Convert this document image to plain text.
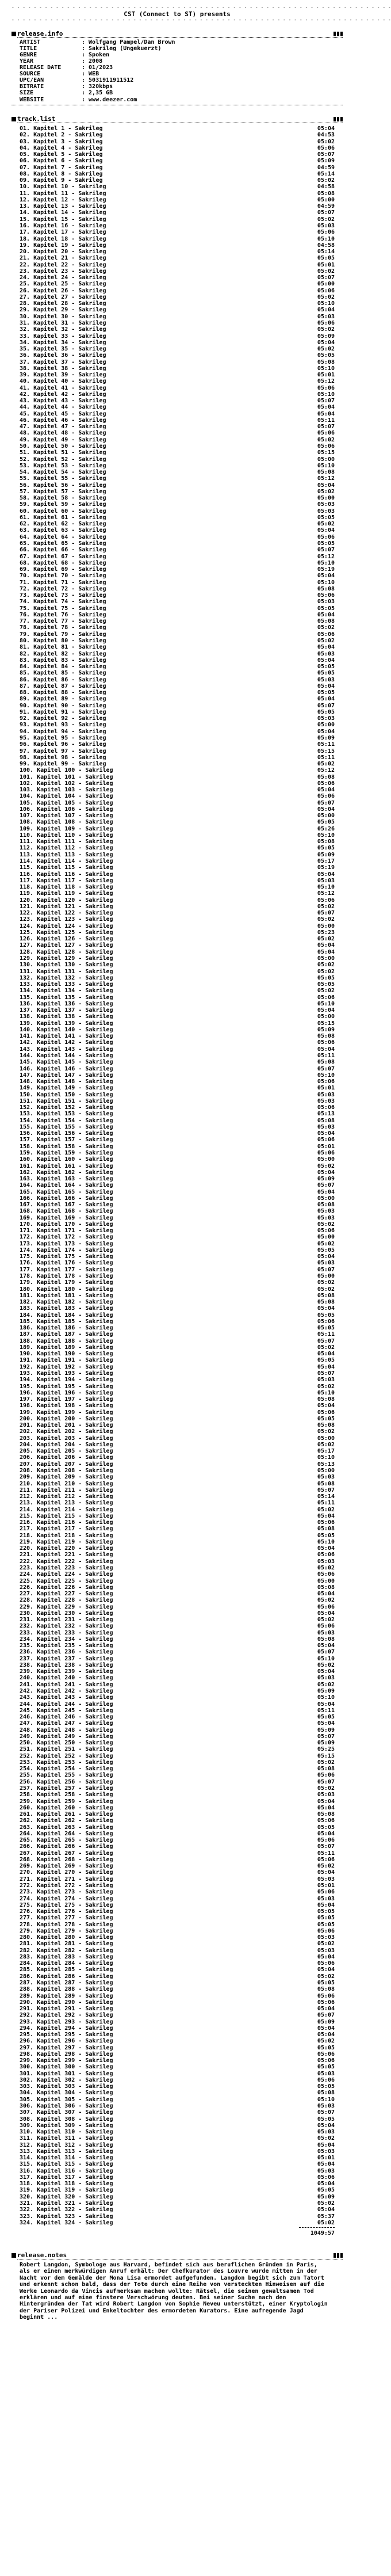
- - - - - - - - - - - - - - - - - - - - - - - - - - - - - - - - - - - - - - - - - - - - - - - - - - - - - - - - - - - - - - - - - - - - -
CST (Connect to ST) presents
- - - - - - - - - - - - - - - - - - - - - - - - - - - - - - - - - - - - - - - - - - - - - - - - - - - - - - - - - - - - - - - - - - - - -
release.info
ARTIST	: Wolfgang Pampel/Dan Brown
TITLE	: Sakrileg (Ungekuerzt)
GENRE	: Spoken
YEAR	: 2008
RELEASE DATE	: 01/2023
SOURCE	: WEB
UPC/EAN	: 5031911911512
BITRATE	: 320kbps
SIZE	: 2,35 GB
WEBSITE	: www.deezer.com
track.list
01. Kapitel 1 - Sakrileg	05:04
02. Kapitel 2 - Sakrileg	04:53
03. Kapitel 3 - Sakrileg	05:02
04. Kapitel 4 - Sakrileg	05:06
05. Kapitel 5 - Sakrileg	05:07
06. Kapitel 6 - Sakrileg	05:09
07. Kapitel 7 - Sakrileg	04:59
08. Kapitel 8 - Sakrileg	05:14
09. Kapitel 9 - Sakrileg	05:02
10. Kapitel 10 - Sakrileg	04:58
11. Kapitel 11 - Sakrileg	05:08
12. Kapitel 12 - Sakrileg	05:00
13. Kapitel 13 - Sakrileg	04:59
14. Kapitel 14 - Sakrileg	05:07
15. Kapitel 15 - Sakrileg	05:02
16. Kapitel 16 - Sakrileg	05:03
17. Kapitel 17 - Sakrileg	05:06
18. Kapitel 18 - Sakrileg	05:10
19. Kapitel 19 - Sakrileg	04:58
20. Kapitel 20 - Sakrileg	05:14
21. Kapitel 21 - Sakrileg	05:05
22. Kapitel 22 - Sakrileg	05:01
23. Kapitel 23 - Sakrileg	05:02
24. Kapitel 24 - Sakrileg	05:07
25. Kapitel 25 - Sakrileg	05:00
26. Kapitel 26 - Sakrileg	05:06
27. Kapitel 27 - Sakrileg	05:02
28. Kapitel 28 - Sakrileg	05:10
29. Kapitel 29 - Sakrileg	05:04
30. Kapitel 30 - Sakrileg	05:03
31. Kapitel 31 - Sakrileg	05:06
32. Kapitel 32 - Sakrileg	05:02
33. Kapitel 33 - Sakrileg	05:09
34. Kapitel 34 - Sakrileg	05:04
35. Kapitel 35 - Sakrileg	05:02
36. Kapitel 36 - Sakrileg	05:05
37. Kapitel 37 - Sakrileg	05:08
38. Kapitel 38 - Sakrileg	05:10
39. Kapitel 39 - Sakrileg	05:01
40. Kapitel 40 - Sakrileg	05:12
41. Kapitel 41 - Sakrileg	05:06
42. Kapitel 42 - Sakrileg	05:10
43. Kapitel 43 - Sakrileg	05:07
44. Kapitel 44 - Sakrileg	05:04
45. Kapitel 45 - Sakrileg	05:04
46. Kapitel 46 - Sakrileg	05:11
47. Kapitel 47 - Sakrileg	05:07
48. Kapitel 48 - Sakrileg	05:06
49. Kapitel 49 - Sakrileg	05:02
50. Kapitel 50 - Sakrileg	05:06
51. Kapitel 51 - Sakrileg	05:15
52. Kapitel 52 - Sakrileg	05:00
53. Kapitel 53 - Sakrileg	05:10
54. Kapitel 54 - Sakrileg	05:08
55. Kapitel 55 - Sakrileg	05:12
56. Kapitel 56 - Sakrileg	05:04
57. Kapitel 57 - Sakrileg	05:02
58. Kapitel 58 - Sakrileg	05:00
59. Kapitel 59 - Sakrileg	05:03
60. Kapitel 60 - Sakrileg	05:03
61. Kapitel 61 - Sakrileg	05:05
62. Kapitel 62 - Sakrileg	05:02
63. Kapitel 63 - Sakrileg	05:04
64. Kapitel 64 - Sakrileg	05:06
65. Kapitel 65 - Sakrileg	05:05
66. Kapitel 66 - Sakrileg	05:07
67. Kapitel 67 - Sakrileg	05:12
68. Kapitel 68 - Sakrileg	05:10
69. Kapitel 69 - Sakrileg	05:19
70. Kapitel 70 - Sakrileg	05:04
71. Kapitel 71 - Sakrileg	05:10
72. Kapitel 72 - Sakrileg	05:08
73. Kapitel 73 - Sakrileg	05:06
74. Kapitel 74 - Sakrileg	05:03
75. Kapitel 75 - Sakrileg	05:05
76. Kapitel 76 - Sakrileg	05:04
77. Kapitel 77 - Sakrileg	05:08
78. Kapitel 78 - Sakrileg	05:02
79. Kapitel 79 - Sakrileg	05:06
80. Kapitel 80 - Sakrileg	05:02
81. Kapitel 81 - Sakrileg	05:04
82. Kapitel 82 - Sakrileg	05:03
83. Kapitel 83 - Sakrileg	05:04
84. Kapitel 84 - Sakrileg	05:05
85. Kapitel 85 - Sakrileg	05:05
86. Kapitel 86 - Sakrileg	05:03
87. Kapitel 87 - Sakrileg	05:04
88. Kapitel 88 - Sakrileg	05:05
89. Kapitel 89 - Sakrileg	05:04
90. Kapitel 90 - Sakrileg	05:07
91. Kapitel 91 - Sakrileg	05:05
92. Kapitel 92 - Sakrileg	05:03
93. Kapitel 93 - Sakrileg	05:00
94. Kapitel 94 - Sakrileg	05:04
95. Kapitel 95 - Sakrileg	05:09
96. Kapitel 96 - Sakrileg	05:11
97. Kapitel 97 - Sakrileg	05:15
98. Kapitel 98 - Sakrileg	05:11
99. Kapitel 99 - Sakrileg	05:02
100. Kapitel 100 - Sakrileg	05:12
101. Kapitel 101 - Sakrileg	05:08
102. Kapitel 102 - Sakrileg	05:06
103. Kapitel 103 - Sakrileg	05:04
104. Kapitel 104 - Sakrileg	05:06
105. Kapitel 105 - Sakrileg	05:07
106. Kapitel 106 - Sakrileg	05:04
107. Kapitel 107 - Sakrileg	05:00
108. Kapitel 108 - Sakrileg	05:05
109. Kapitel 109 - Sakrileg	05:26
110. Kapitel 110 - Sakrileg	05:10
111. Kapitel 111 - Sakrileg	05:08
112. Kapitel 112 - Sakrileg	05:05
113. Kapitel 113 - Sakrileg	05:09
114. Kapitel 114 - Sakrileg	05:17
115. Kapitel 115 - Sakrileg	05:19
116. Kapitel 116 - Sakrileg	05:04
117. Kapitel 117 - Sakrileg	05:03
118. Kapitel 118 - Sakrileg	05:10
119. Kapitel 119 - Sakrileg	05:12
120. Kapitel 120 - Sakrileg	05:06
121. Kapitel 121 - Sakrileg	05:02
122. Kapitel 122 - Sakrileg	05:07
123. Kapitel 123 - Sakrileg	05:02
124. Kapitel 124 - Sakrileg	05:00
125. Kapitel 125 - Sakrileg	05:23
126. Kapitel 126 - Sakrileg	05:02
127. Kapitel 127 - Sakrileg	05:04
128. Kapitel 128 - Sakrileg	05:04
129. Kapitel 129 - Sakrileg	05:00
130. Kapitel 130 - Sakrileg	05:02
131. Kapitel 131 - Sakrileg	05:02
132. Kapitel 132 - Sakrileg	05:05
133. Kapitel 133 - Sakrileg	05:05
134. Kapitel 134 - Sakrileg	05:02
135. Kapitel 135 - Sakrileg	05:06
136. Kapitel 136 - Sakrileg	05:10
137. Kapitel 137 - Sakrileg	05:04
138. Kapitel 138 - Sakrileg	05:00
139. Kapitel 139 - Sakrileg	05:15
140. Kapitel 140 - Sakrileg	05:09
141. Kapitel 141 - Sakrileg	05:08
142. Kapitel 142 - Sakrileg	05:06
143. Kapitel 143 - Sakrileg	05:04
144. Kapitel 144 - Sakrileg	05:11
145. Kapitel 145 - Sakrileg	05:08
146. Kapitel 146 - Sakrileg	05:07
147. Kapitel 147 - Sakrileg	05:10
148. Kapitel 148 - Sakrileg	05:06
149. Kapitel 149 - Sakrileg	05:01
150. Kapitel 150 - Sakrileg	05:03
151. Kapitel 151 - Sakrileg	05:03
152. Kapitel 152 - Sakrileg	05:06
153. Kapitel 153 - Sakrileg	05:13
154. Kapitel 154 - Sakrileg	05:08
155. Kapitel 155 - Sakrileg	05:03
156. Kapitel 156 - Sakrileg	05:04
157. Kapitel 157 - Sakrileg	05:06
158. Kapitel 158 - Sakrileg	05:01
159. Kapitel 159 - Sakrileg	05:06
160. Kapitel 160 - Sakrileg	05:00
161. Kapitel 161 - Sakrileg	05:02
162. Kapitel 162 - Sakrileg	05:04
163. Kapitel 163 - Sakrileg	05:09
164. Kapitel 164 - Sakrileg	05:07
165. Kapitel 165 - Sakrileg	05:04
166. Kapitel 166 - Sakrileg	05:00
167. Kapitel 167 - Sakrileg	05:08
168. Kapitel 168 - Sakrileg	05:03
169. Kapitel 169 - Sakrileg	05:03
170. Kapitel 170 - Sakrileg	05:02
171. Kapitel 171 - Sakrileg	05:06
172. Kapitel 172 - Sakrileg	05:00
173. Kapitel 173 - Sakrileg	05:02
174. Kapitel 174 - Sakrileg	05:05
175. Kapitel 175 - Sakrileg	05:04
176. Kapitel 176 - Sakrileg	05:03
177. Kapitel 177 - Sakrileg	05:07
178. Kapitel 178 - Sakrileg	05:00
179. Kapitel 179 - Sakrileg	05:02
180. Kapitel 180 - Sakrileg	05:02
181. Kapitel 181 - Sakrileg	05:08
182. Kapitel 182 - Sakrileg	05:08
183. Kapitel 183 - Sakrileg	05:04
184. Kapitel 184 - Sakrileg	05:05
185. Kapitel 185 - Sakrileg	05:06
186. Kapitel 186 - Sakrileg	05:05
187. Kapitel 187 - Sakrileg	05:11
188. Kapitel 188 - Sakrileg	05:07
189. Kapitel 189 - Sakrileg	05:02
190. Kapitel 190 - Sakrileg	05:04
191. Kapitel 191 - Sakrileg	05:05
192. Kapitel 192 - Sakrileg	05:04
193. Kapitel 193 - Sakrileg	05:07
194. Kapitel 194 - Sakrileg	05:03
195. Kapitel 195 - Sakrileg	05:02
196. Kapitel 196 - Sakrileg	05:10
197. Kapitel 197 - Sakrileg	05:08
198. Kapitel 198 - Sakrileg	05:04
199. Kapitel 199 - Sakrileg	05:06
200. Kapitel 200 - Sakrileg	05:05
201. Kapitel 201 - Sakrileg	05:08
202. Kapitel 202 - Sakrileg	05:02
203. Kapitel 203 - Sakrileg	05:00
204. Kapitel 204 - Sakrileg	05:02
205. Kapitel 205 - Sakrileg	05:17
206. Kapitel 206 - Sakrileg	05:10
207. Kapitel 207 - Sakrileg	05:13
208. Kapitel 208 - Sakrileg	05:00
209. Kapitel 209 - Sakrileg	05:03
210. Kapitel 210 - Sakrileg	05:08
211. Kapitel 211 - Sakrileg	05:07
212. Kapitel 212 - Sakrileg	05:14
213. Kapitel 213 - Sakrileg	05:11
214. Kapitel 214 - Sakrileg	05:02
215. Kapitel 215 - Sakrileg	05:04
216. Kapitel 216 - Sakrileg	05:06
217. Kapitel 217 - Sakrileg	05:08
218. Kapitel 218 - Sakrileg	05:05
219. Kapitel 219 - Sakrileg	05:10
220. Kapitel 220 - Sakrileg	05:04
221. Kapitel 221 - Sakrileg	05:06
222. Kapitel 222 - Sakrileg	05:03
223. Kapitel 223 - Sakrileg	05:02
224. Kapitel 224 - Sakrileg	05:06
225. Kapitel 225 - Sakrileg	05:00
226. Kapitel 226 - Sakrileg	05:08
227. Kapitel 227 - Sakrileg	05:04
228. Kapitel 228 - Sakrileg	05:02
229. Kapitel 229 - Sakrileg	05:06
230. Kapitel 230 - Sakrileg	05:04
231. Kapitel 231 - Sakrileg	05:02
232. Kapitel 232 - Sakrileg	05:06
233. Kapitel 233 - Sakrileg	05:03
234. Kapitel 234 - Sakrileg	05:08
235. Kapitel 235 - Sakrileg	05:04
236. Kapitel 236 - Sakrileg	05:07
237. Kapitel 237 - Sakrileg	05:10
238. Kapitel 238 - Sakrileg	05:02
239. Kapitel 239 - Sakrileg	05:04
240. Kapitel 240 - Sakrileg	05:03
241. Kapitel 241 - Sakrileg	05:02
242. Kapitel 242 - Sakrileg	05:09
243. Kapitel 243 - Sakrileg	05:10
244. Kapitel 244 - Sakrileg	05:04
245. Kapitel 245 - Sakrileg	05:11
246. Kapitel 246 - Sakrileg	05:05
247. Kapitel 247 - Sakrileg	05:04
248. Kapitel 248 - Sakrileg	05:09
249. Kapitel 249 - Sakrileg	05:07
250. Kapitel 250 - Sakrileg	05:09
251. Kapitel 251 - Sakrileg	05:25
252. Kapitel 252 - Sakrileg	05:15
253. Kapitel 253 - Sakrileg	05:02
254. Kapitel 254 - Sakrileg	05:08
255. Kapitel 255 - Sakrileg	05:06
256. Kapitel 256 - Sakrileg	05:07
257. Kapitel 257 - Sakrileg	05:02
258. Kapitel 258 - Sakrileg	05:03
259. Kapitel 259 - Sakrileg	05:04
260. Kapitel 260 - Sakrileg	05:04
261. Kapitel 261 - Sakrileg	05:08
262. Kapitel 262 - Sakrileg	05:06
263. Kapitel 263 - Sakrileg	05:05
264. Kapitel 264 - Sakrileg	05:04
265. Kapitel 265 - Sakrileg	05:06
266. Kapitel 266 - Sakrileg	05:07
267. Kapitel 267 - Sakrileg	05:11
268. Kapitel 268 - Sakrileg	05:06
269. Kapitel 269 - Sakrileg	05:02
270. Kapitel 270 - Sakrileg	05:04
271. Kapitel 271 - Sakrileg	05:03
272. Kapitel 272 - Sakrileg	05:01
273. Kapitel 273 - Sakrileg	05:06
274. Kapitel 274 - Sakrileg	05:03
275. Kapitel 275 - Sakrileg	05:04
276. Kapitel 276 - Sakrileg	05:05
277. Kapitel 277 - Sakrileg	05:05
278. Kapitel 278 - Sakrileg	05:05
279. Kapitel 279 - Sakrileg	05:06
280. Kapitel 280 - Sakrileg	05:03
281. Kapitel 281 - Sakrileg	05:02
282. Kapitel 282 - Sakrileg	05:03
283. Kapitel 283 - Sakrileg	05:04
284. Kapitel 284 - Sakrileg	05:06
285. Kapitel 285 - Sakrileg	05:04
286. Kapitel 286 - Sakrileg	05:02
287. Kapitel 287 - Sakrileg	05:05
288. Kapitel 288 - Sakrileg	05:08
289. Kapitel 289 - Sakrileg	05:06
290. Kapitel 290 - Sakrileg	05:06
291. Kapitel 291 - Sakrileg	05:04
292. Kapitel 292 - Sakrileg	05:07
293. Kapitel 293 - Sakrileg	05:09
294. Kapitel 294 - Sakrileg	05:04
295. Kapitel 295 - Sakrileg	05:04
296. Kapitel 296 - Sakrileg	05:02
297. Kapitel 297 - Sakrileg	05:05
298. Kapitel 298 - Sakrileg	05:06
299. Kapitel 299 - Sakrileg	05:06
300. Kapitel 300 - Sakrileg	05:05
301. Kapitel 301 - Sakrileg	05:03
302. Kapitel 302 - Sakrileg	05:06
303. Kapitel 303 - Sakrileg	05:05
304. Kapitel 304 - Sakrileg	05:08
305. Kapitel 305 - Sakrileg	05:10
306. Kapitel 306 - Sakrileg	05:03
307. Kapitel 307 - Sakrileg	05:07
308. Kapitel 308 - Sakrileg	05:05
309. Kapitel 309 - Sakrileg	05:04
310. Kapitel 310 - Sakrileg	05:03
311. Kapitel 311 - Sakrileg	05:02
312. Kapitel 312 - Sakrileg	05:04
313. Kapitel 313 - Sakrileg	05:03
314. Kapitel 314 - Sakrileg	05:01
315. Kapitel 315 - Sakrileg	05:04
316. Kapitel 316 - Sakrileg	05:03
317. Kapitel 317 - Sakrileg	05:06
318. Kapitel 318 - Sakrileg	05:04
319. Kapitel 319 - Sakrileg	05:05
320. Kapitel 320 - Sakrileg	05:09
321. Kapitel 321 - Sakrileg	05:02
322. Kapitel 322 - Sakrileg	05:04
323. Kapitel 323 - Sakrileg	05:37
324. Kapitel 324 - Sakrileg	05:02
1049:57
release.notes
Robert Langdon, Symbologe aus Harvard, befindet sich aus beruflichen Gründen in Paris, als er einen merkwürdigen Anruf erhält: Der Chefkurator des Louvre wurde mitten in der Nacht vor dem Gemälde der Mona Lisa ermordet aufgefunden. Langdon begibt sich zum Tatort und erkennt schon bald, dass der Tote durch eine Reihe von versteckten Hinweisen auf die Werke Leonardo da Vincis aufmerksam machen wollte: Rätsel, die seinen gewaltsamen Tod erklären und auf eine finstere Verschwörung deuten. Bei seiner Suche nach den Hintergründen der Tat wird Robert Langdon von Sophie Neveu unterstützt, einer Kryptologin der Pariser Polizei und Enkeltochter des ermordeten Kurators. Eine aufregende Jagd beginnt ...
